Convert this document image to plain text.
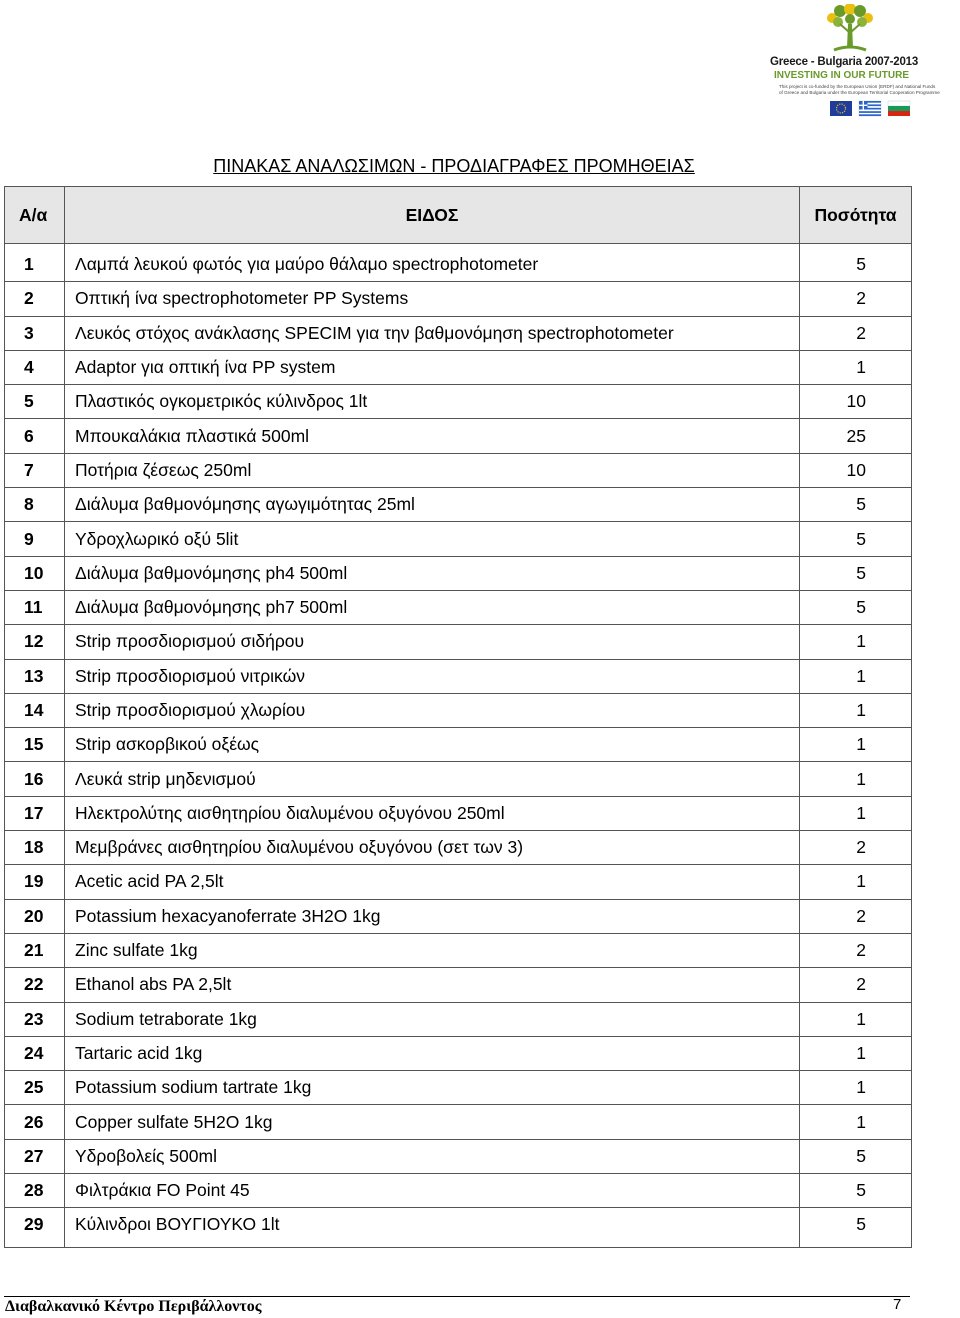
Greece - Bulgaria 2007-2013
INVESTING IN OUR FUTURE
This project is co-funded by the European Union (ERDF) and National Funds
of Greece and Bulgaria under the European Territorial Cooperation Programme
ΠΙΝΑΚΑΣ ΑΝΑΛΩΣΙΜΩΝ - ΠΡΟΔΙΑΓΡΑΦΕΣ ΠΡΟΜΗΘΕΙΑΣ
Α/α	ΕΙΔΟΣ	Ποσότητα
1	Λαμπά λευκού φωτός για μαύρο θάλαμο spectrophotometer	5
2	Οπτική ίνα spectrophotometer PP Systems	2
3	Λευκός στόχος ανάκλασης SPECIM για την βαθμονόμηση spectrophotometer	2
4	Adaptor για οπτική ίνα PP system	1
5	Πλαστικός ογκομετρικός κύλινδρος 1lt	10
6	Μπουκαλάκια πλαστικά 500ml	25
7	Ποτήρια ζέσεως 250ml	10
8	Διάλυμα βαθμονόμησης αγωγιμότητας 25ml	5
9	Υδροχλωρικό οξύ 5lit	5
10	Διάλυμα βαθμονόμησης ph4 500ml	5
11	Διάλυμα βαθμονόμησης ph7 500ml	5
12	Strip προσδιορισμού σιδήρου	1
13	Strip προσδιορισμού νιτρικών	1
14	Strip προσδιορισμού χλωρίου	1
15	Strip ασκορβικού οξέως	1
16	Λευκά strip μηδενισμού	1
17	Ηλεκτρολύτης αισθητηρίου διαλυμένου οξυγόνου 250ml	1
18	Μεμβράνες αισθητηρίου διαλυμένου οξυγόνου (σετ των 3)	2
19	Acetic acid PA 2,5lt	1
20	Potassium hexacyanoferrate 3H2O 1kg	2
21	Zinc sulfate 1kg	2
22	Ethanol abs PA 2,5lt	2
23	Sodium tetraborate 1kg	1
24	Tartaric acid 1kg	1
25	Potassium sodium tartrate 1kg	1
26	Copper sulfate 5H2O 1kg	1
27	Υδροβολείς 500ml	5
28	Φιλτράκια FO Point 45	5
29	Κύλινδροι ΒΟΥΓΙΟΥΚΟ 1lt	5
Διαβαλκανικό Κέντρο Περιβάλλοντος	7
